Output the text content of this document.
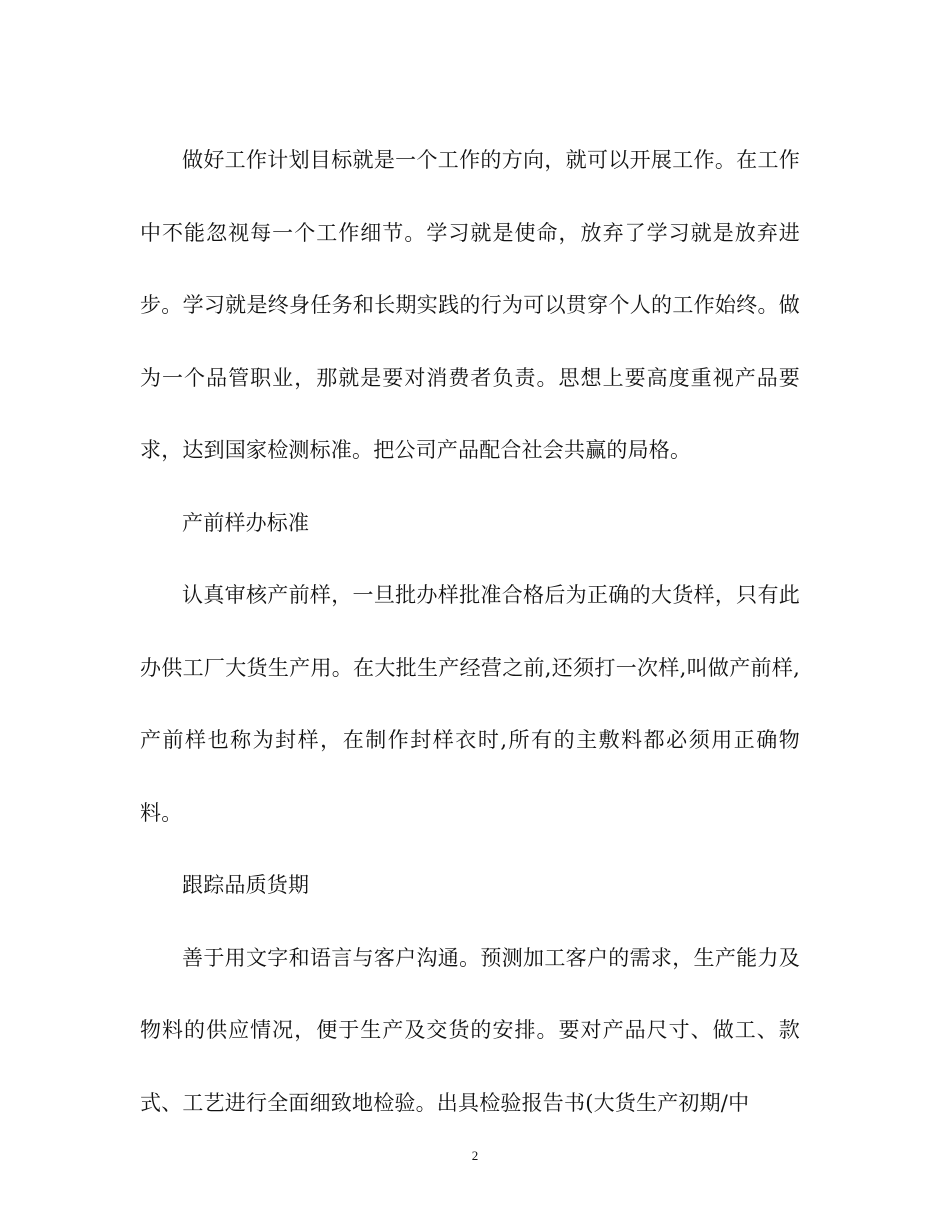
做好工作计划目标就是一个工作的方向，就可以开展工作。在工作中不能忽视每一个工作细节。学习就是使命，放弃了学习就是放弃进步。学习就是终身任务和长期实践的行为可以贯穿个人的工作始终。做为一个品管职业，那就是要对消费者负责。思想上要高度重视产品要求，达到国家检测标准。把公司产品配合社会共赢的局格。

产前样办标准

认真审核产前样，一旦批办样批准合格后为正确的大货样，只有此办供工厂大货生产用。在大批生产经营之前,还须打一次样,叫做产前样,产前样也称为封样，在制作封样衣时,所有的主敷料都必须用正确物料。

跟踪品质货期

善于用文字和语言与客户沟通。预测加工客户的需求，生产能力及物料的供应情况，便于生产及交货的安排。要对产品尺寸、做工、款式、工艺进行全面细致地检验。出具检验报告书(大货生产初期/中

2
